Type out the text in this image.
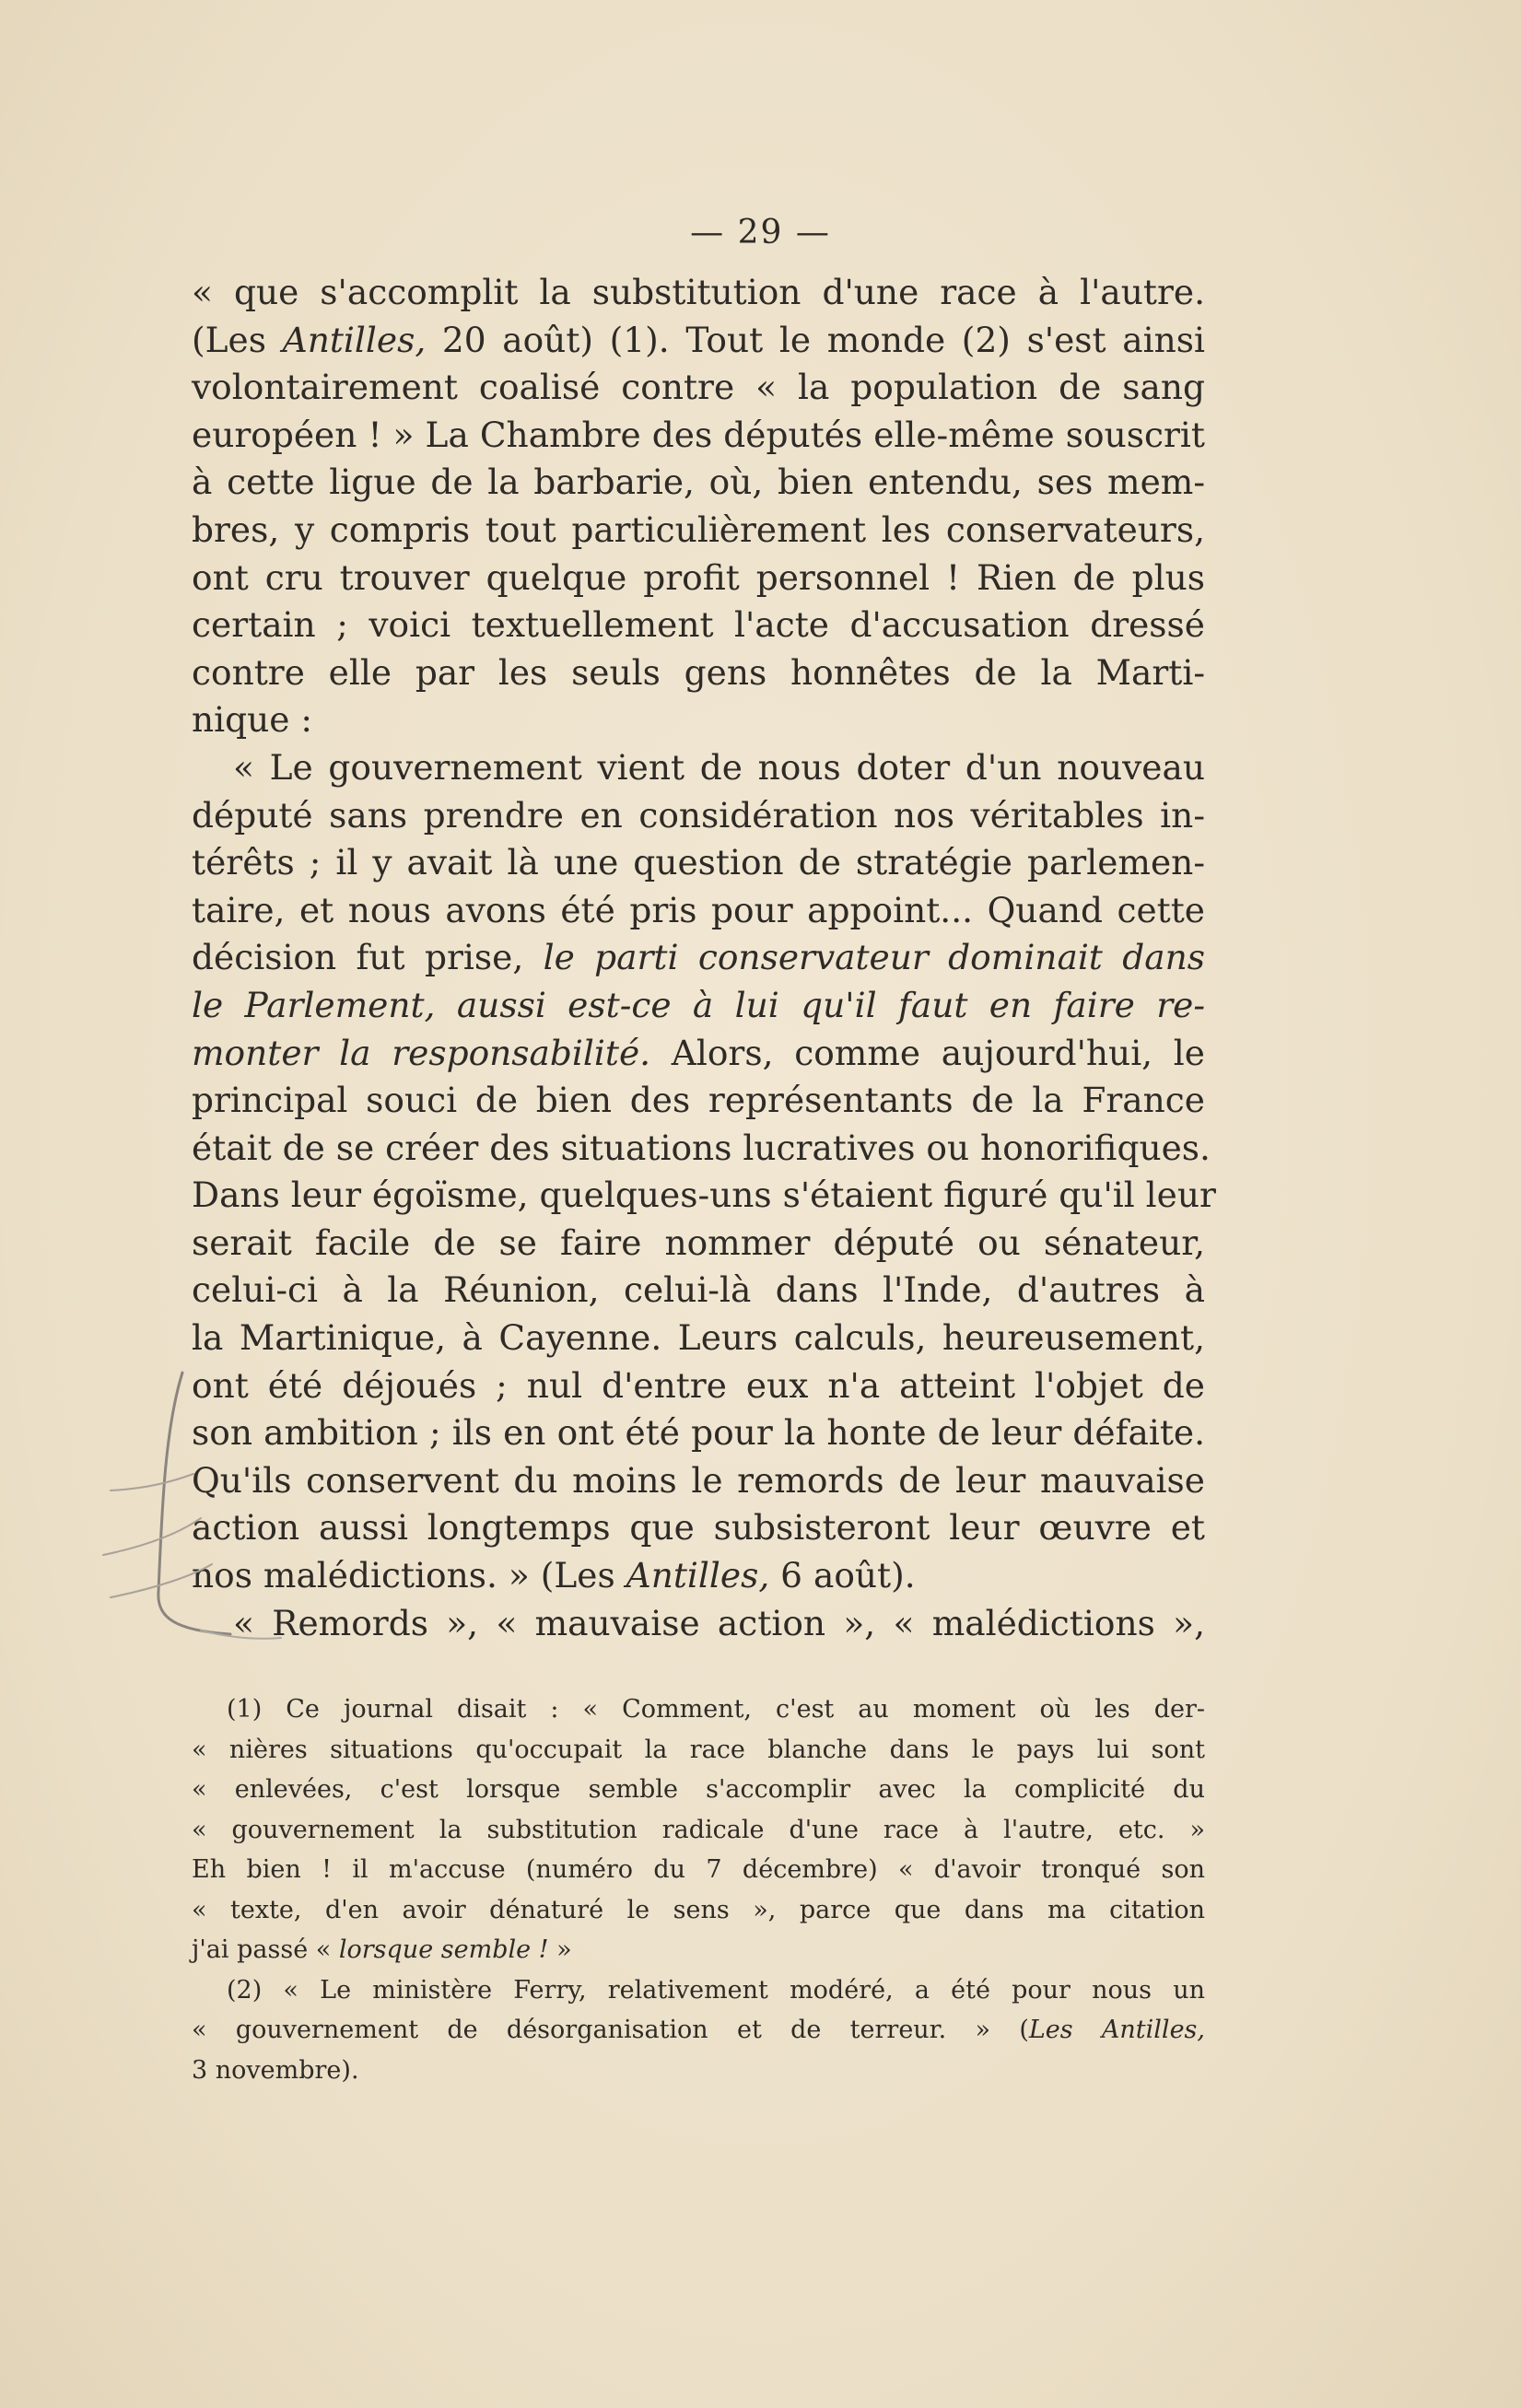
— 29 —
« que s'accomplit la substitution d'une race à l'autre.
(Les Antilles, 20 août) (1). Tout le monde (2) s'est ainsi
volontairement coalisé contre « la population de sang
européen ! » La Chambre des députés elle-même souscrit
à cette ligue de la barbarie, où, bien entendu, ses mem-
bres, y compris tout particulièrement les conservateurs,
ont cru trouver quelque profit personnel ! Rien de plus
certain ; voici textuellement l'acte d'accusation dressé
contre elle par les seuls gens honnêtes de la Marti-
nique :
« Le gouvernement vient de nous doter d'un nouveau
député sans prendre en considération nos véritables in-
térêts ; il y avait là une question de stratégie parlemen-
taire, et nous avons été pris pour appoint... Quand cette
décision fut prise, le parti conservateur dominait dans
le Parlement, aussi est-ce à lui qu'il faut en faire re-
monter la responsabilité. Alors, comme aujourd'hui, le
principal souci de bien des représentants de la France
était de se créer des situations lucratives ou honorifiques.
Dans leur égoïsme, quelques-uns s'étaient figuré qu'il leur
serait facile de se faire nommer député ou sénateur,
celui-ci à la Réunion, celui-là dans l'Inde, d'autres à
la Martinique, à Cayenne. Leurs calculs, heureusement,
ont été déjoués ; nul d'entre eux n'a atteint l'objet de
son ambition ; ils en ont été pour la honte de leur défaite.
Qu'ils conservent du moins le remords de leur mauvaise
action aussi longtemps que subsisteront leur œuvre et
nos malédictions. » (Les Antilles, 6 août).
« Remords », « mauvaise action », « malédictions »,
(1) Ce journal disait : « Comment, c'est au moment où les der-
« nières situations qu'occupait la race blanche dans le pays lui sont
« enlevées, c'est lorsque semble s'accomplir avec la complicité du
« gouvernement la substitution radicale d'une race à l'autre, etc. »
Eh bien ! il m'accuse (numéro du 7 décembre) « d'avoir tronqué son
« texte, d'en avoir dénaturé le sens », parce que dans ma citation
j'ai passé « lorsque semble ! »
(2) « Le ministère Ferry, relativement modéré, a été pour nous un
« gouvernement de désorganisation et de terreur. » (Les Antilles,
3 novembre).
